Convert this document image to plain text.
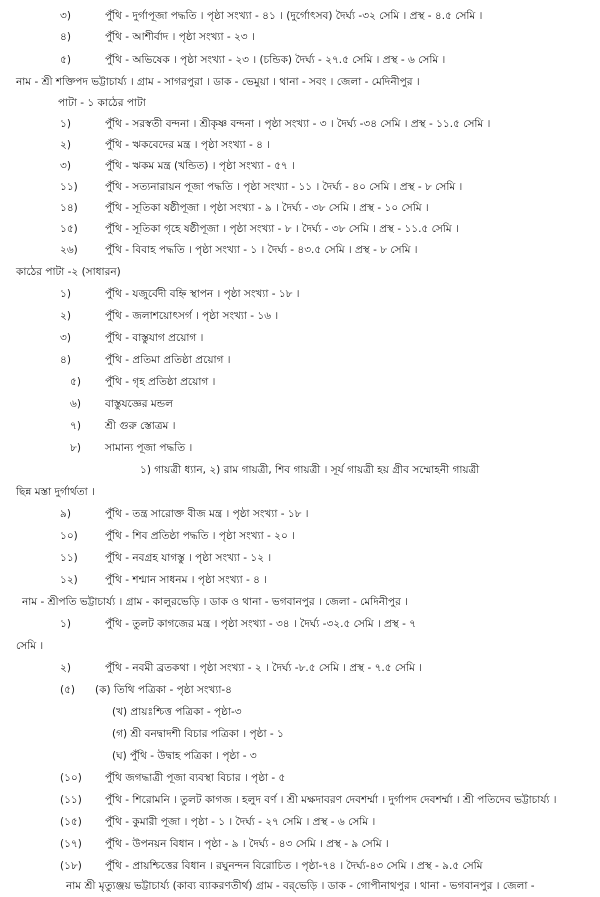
৩)	পুঁথি - দুর্গাপূজা পদ্ধতি । পৃষ্ঠা সংখ্যা - ৪১ । (দুর্গোৎসব) দৈর্ঘ্য -৩২ সেমি । প্রস্থ - ৪.৫ সেমি ।
৪)	পুঁথি - আশীর্বাদ । পৃষ্ঠা সংখ্যা - ২৩ ।
৫)	পুঁথি - অভিষেক । পৃষ্ঠা সংখ্যা - ২৩ । (চন্ডিক) দৈর্ঘ্য - ২৭.৫ সেমি । প্রস্থ - ৬ সেমি ।
নাম - শ্রী শক্তিপদ ভট্টাচার্য্য । গ্রাম - সাগরপুরা । ডাক - ভেমুয়া । থানা - সবং । জেলা - মেদিনীপুর ।
পাটা - ১ কাঠের পাটা
১)	পুঁথি - সরস্বতী বন্দনা । শ্রীকৃষ্ণ বন্দনা । পৃষ্ঠা সংখ্যা - ৩ । দৈর্ঘ্য -৩৪ সেমি । প্রস্থ - ১১.৫ সেমি ।
২)	পুঁথি - ঋকবেদের মন্ত্র । পৃষ্ঠা সংখ্যা - ৪ ।
৩)	পুঁথি - ঋকম মন্ত্র (খন্ডিত) । পৃষ্ঠা সংখ্যা - ৫৭ ।
১১)	পুঁথি - সত্যনারায়ন পূজা পদ্ধতি । পৃষ্ঠা সংখ্যা - ১১ । দৈর্ঘ্য - ৪০ সেমি । প্রস্থ - ৮ সেমি ।
১৪)	পুঁথি - সূতিকা ষষ্ঠীপূজা । পৃষ্ঠা সংখ্যা - ৯ । দৈর্ঘ্য - ৩৮ সেমি । প্রস্থ - ১০ সেমি ।
১৫)	পুঁথি - সূতিকা গৃহে ষষ্ঠীপূজা । পৃষ্ঠা সংখ্যা - ৮ । দৈর্ঘ্য - ৩৮ সেমি । প্রস্থ - ১১.৫ সেমি ।
২৬)	পুঁথি - বিবাহ পদ্ধতি । পৃষ্ঠা সংখ্যা - ১ । দৈর্ঘ্য - ৪৩.৫ সেমি । প্রস্থ - ৮ সেমি ।
কাঠের পাটা -২ (সাধারন)
১)	পুঁথি - যজুর্বেদী বহ্নি স্থাপন । পৃষ্ঠা সংখ্যা - ১৮ ।
২)	পুঁথি - জলাশয়োৎসর্গ । পৃষ্ঠা সংখ্যা - ১৬ ।
৩)	পুঁথি - বাস্তুযাগ প্রয়োগ ।
৪)	পুঁথি - প্রতিমা প্রতিষ্ঠা প্রয়োগ ।
৫) পুঁথি - গৃহ প্রতিষ্ঠা প্রয়োগ ।
৬) বাস্তুযজ্ঞের মন্ডল
৭) শ্রী গুরু স্তোত্রম ।
৮) সামান্য পূজা পদ্ধতি ।
১) গায়ত্রী ধ্যান, ২) রাম গায়ত্রী, শিব গায়ত্রী । সূর্য গায়ত্রী হয় গ্রীব সম্মোহনী গায়ত্রী
ছিন্ন মস্তা দুর্গার্থতা ।
৯)	পুঁথি - তন্ত্র সারোক্ত বীজ মন্ত্র । পৃষ্ঠা সংখ্যা - ১৮ ।
১০)	পুঁথি - শিব প্রতিষ্ঠা পদ্ধতি । পৃষ্ঠা সংখ্যা - ২০ ।
১১)	পুঁথি - নবগ্রহ যাগস্তু । পৃষ্ঠা সংখ্যা - ১২ ।
১২)	পুঁথি - শশ্মান সাধনম । পৃষ্ঠা সংখ্যা - ৪ ।
নাম - শ্রীপতি ভট্টাচার্য্য । গ্রাম - কালুরভেড়ি । ডাক ও থানা - ভগবানপুর । জেলা - মেদিনীপুর ।
১)	পুঁথি - তুলট কাগজের মন্ত্র । পৃষ্ঠা সংখ্যা - ৩৪ । দৈর্ঘ্য -৩২.৫ সেমি । প্রস্থ - ৭
সেমি ।
২)	পুঁথি - নবমী ব্রতকথা । পৃষ্ঠা সংখ্যা - ২ । দৈর্ঘ্য -৮.৫ সেমি । প্রস্থ - ৭.৫ সেমি ।
(৫) (ক) তিথি পত্রিকা - পৃষ্ঠা সংখ্যা-৪
(খ) প্রায়ঃশ্চিত্ত পত্রিকা - পৃষ্ঠা-৩
(গ) শ্রী বনদ্বাদশী বিচার পত্রিকা । পৃষ্ঠা - ১
(ঘ) পুঁথি - উদ্বাহ পত্রিকা । পৃষ্ঠা - ৩
(১০) পুঁথি জগদ্ধাত্রী পূজা ব্যবস্থা বিচার । পৃষ্ঠা - ৫
(১১) পুঁথি - শিরোমনি । তুলট কাগজ । হলুদ বর্ণ । শ্রী মক্ষদাবরণ দেবশর্ম্মা । দুর্গাপদ দেবশর্ম্মা । শ্রী পতিদেব ভট্টাচার্য্য ।
(১৫) পুঁথি - কুমারী পূজা । পৃষ্ঠা - ১ । দৈর্ঘ্য - ২৭ সেমি । প্রস্থ - ৬ সেমি ।
(১৭) পুঁথি - উপনয়ন বিধান । পৃষ্ঠা - ৯ । দৈর্ঘ্য - ৪৩ সেমি । প্রস্থ - ৯ সেমি ।
(১৮) পুঁথি - প্রায়শ্চিত্তের বিধান । রঘুনন্দন বিরোচিত । পৃষ্ঠা-৭৪ । দৈর্ঘ্য-৪৩ সেমি । প্রস্থ - ৯.৫ সেমি
নাম শ্রী মৃত্যুঞ্জয় ভট্টাচার্য্য (কাব্য ব্যাকরণতীর্থ) গ্রাম - বর্‌ভেড়ি । ডাক - গোপীনাথপুর । থানা - ভগবানপুর । জেলা -
